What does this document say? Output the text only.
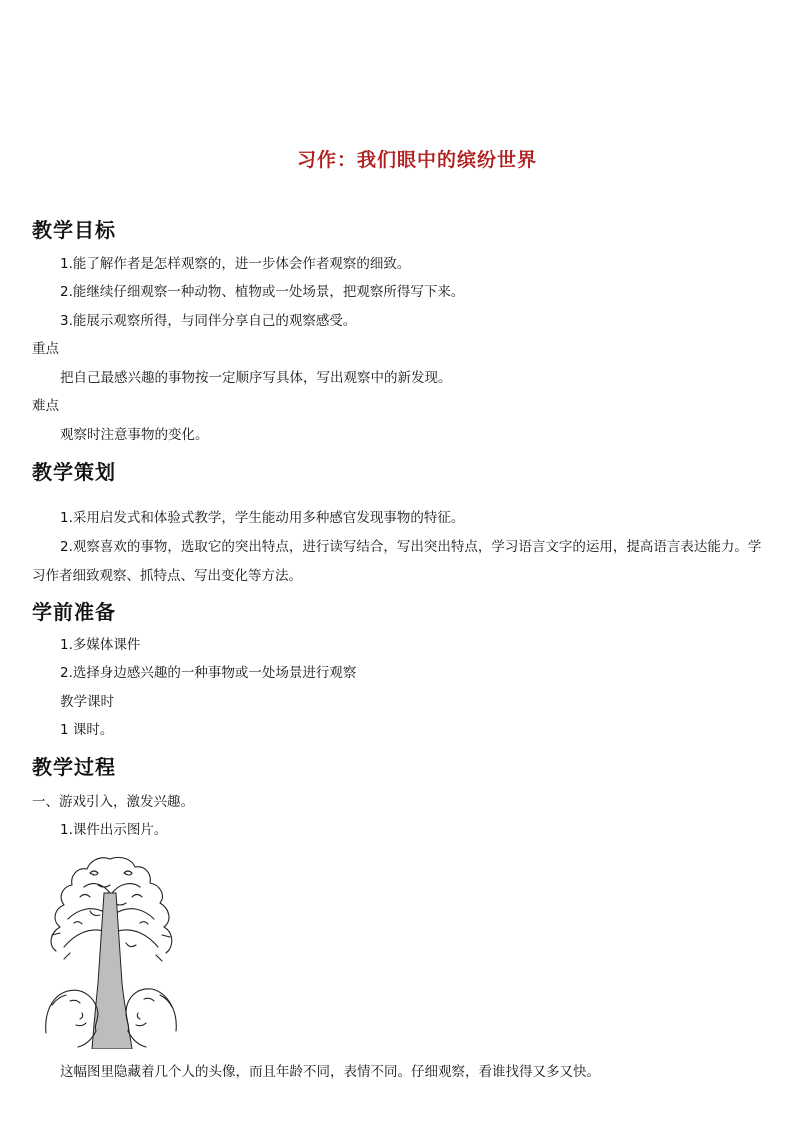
习作：我们眼中的缤纷世界
教学目标
1.能了解作者是怎样观察的，进一步体会作者观察的细致。
2.能继续仔细观察一种动物、植物或一处场景，把观察所得写下来。
3.能展示观察所得，与同伴分享自己的观察感受。
重点
把自己最感兴趣的事物按一定顺序写具体，写出观察中的新发现。
难点
观察时注意事物的变化。
教学策划
1.采用启发式和体验式教学，学生能动用多种感官发现事物的特征。
2.观察喜欢的事物，选取它的突出特点，进行读写结合，写出突出特点，学习语言文字的运用，提高语言表达能力。学习作者细致观察、抓特点、写出变化等方法。
学前准备
1.多媒体课件
2.选择身边感兴趣的一种事物或一处场景进行观察
教学课时
1 课时。
教学过程
一、游戏引入，激发兴趣。
1.课件出示图片。
这幅图里隐藏着几个人的头像，而且年龄不同，表情不同。仔细观察，看谁找得又多又快。
